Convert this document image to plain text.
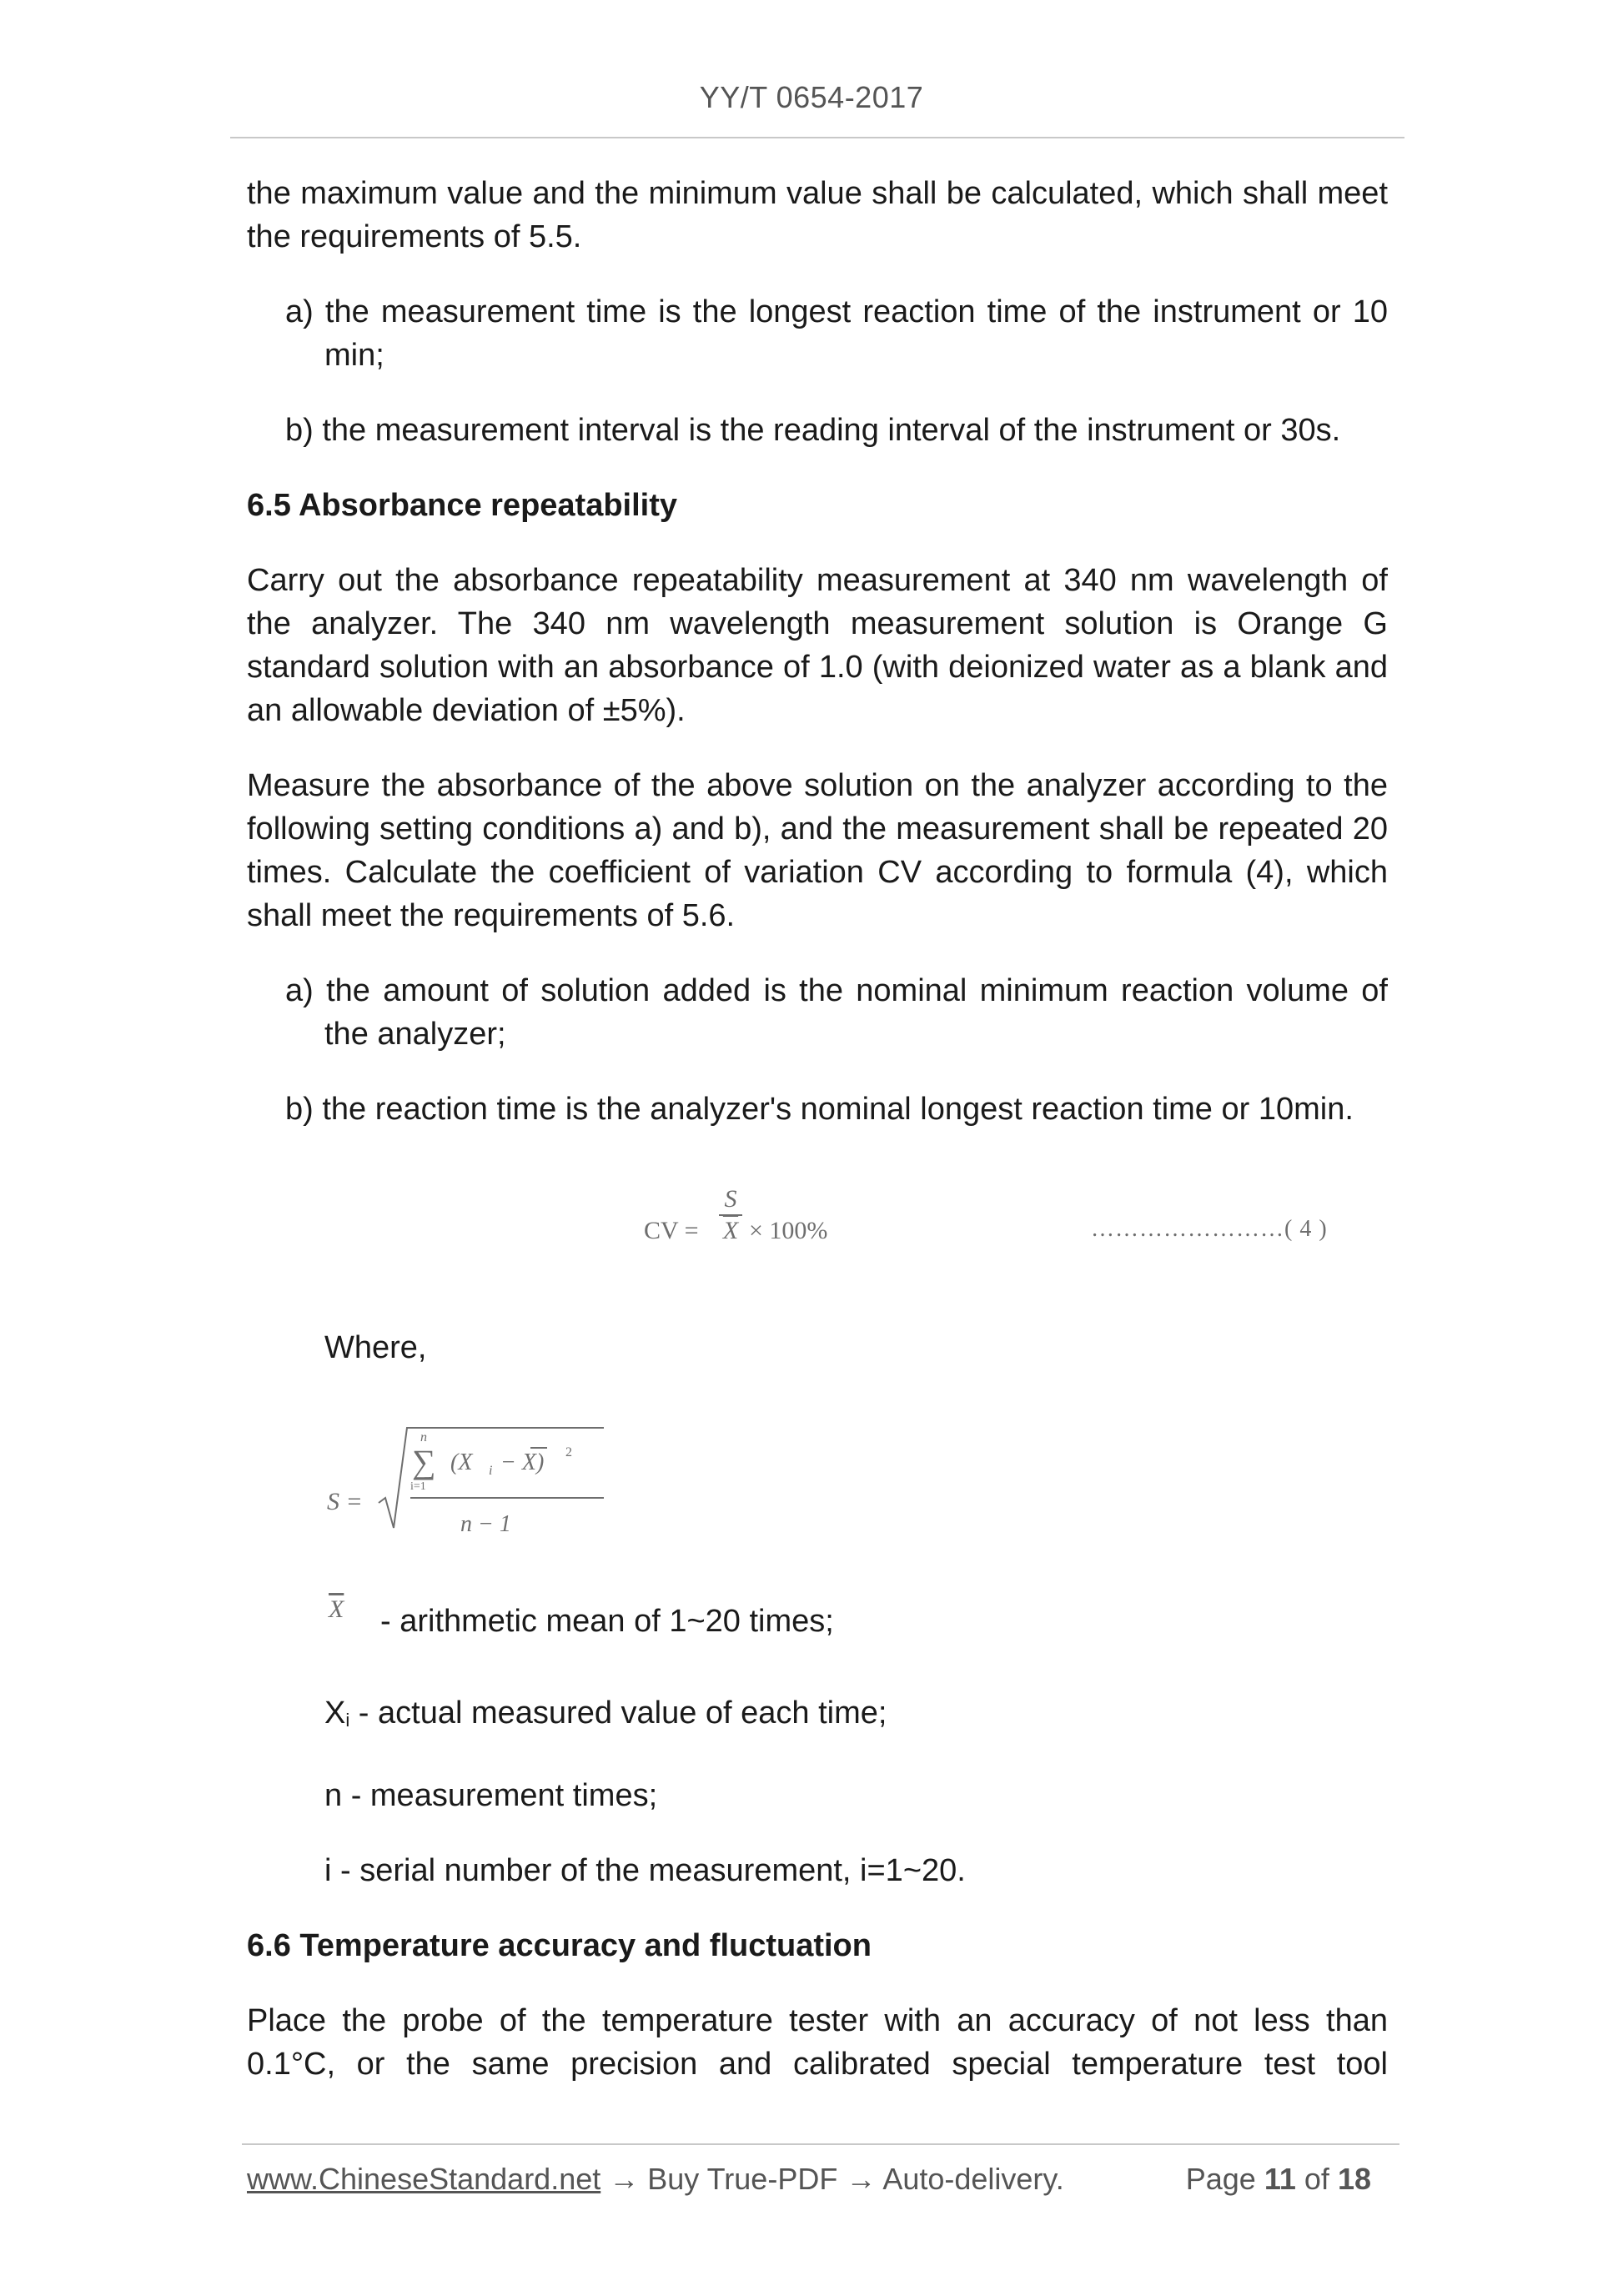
YY/T 0654-2017

the maximum value and the minimum value shall be calculated, which shall meet the requirements of 5.5.

a) the measurement time is the longest reaction time of the instrument or 10 min;

b) the measurement interval is the reading interval of the instrument or 30s.

6.5 Absorbance repeatability

Carry out the absorbance repeatability measurement at 340 nm wavelength of the analyzer. The 340 nm wavelength measurement solution is Orange G standard solution with an absorbance of 1.0 (with deionized water as a blank and an allowable deviation of ±5%).

Measure the absorbance of the above solution on the analyzer according to the following setting conditions a) and b), and the measurement shall be repeated 20 times. Calculate the coefficient of variation CV according to formula (4), which shall meet the requirements of 5.6.

a) the amount of solution added is the nominal minimum reaction volume of the analyzer;

b) the reaction time is the analyzer's nominal longest reaction time or 10min.

CV = $\frac{S}{X} \times 100\%$	……………………( 4 )

Where,

S =
n
∑
i=1
(X i − X) 2
n − 1
$\overline{X}$ - arithmetic mean of 1~20 times;

$X_i$ - actual measured value of each time;

n - measurement times;

i - serial number of the measurement, i=1~20.

6.6 Temperature accuracy and fluctuation

Place the probe of the temperature tester with an accuracy of not less than 0.1°C, or the same precision and calibrated special temperature test tool

www.ChineseStandard.net → Buy True-PDF → Auto-delivery.	Page 11 of 18
